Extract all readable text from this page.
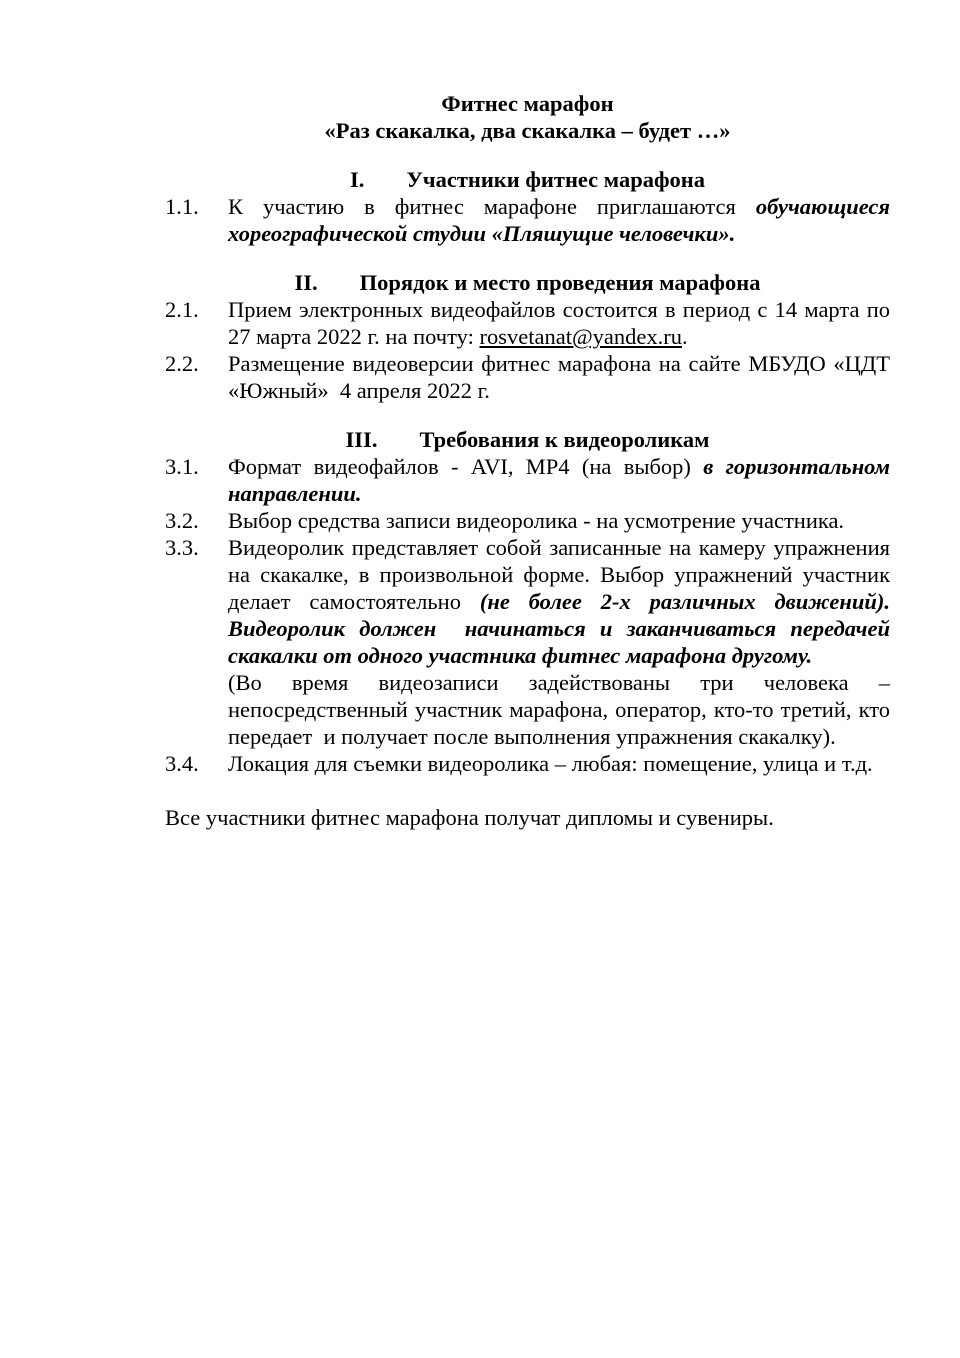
Фитнес марафон
«Раз скакалка, два скакалка – будет …»
I. Участники фитнес марафона
1.1. К участию в фитнес марафоне приглашаются обучающиеся
хореографической студии «Пляшущие человечки».
II. Порядок и место проведения марафона
2.1. Прием электронных видеофайлов состоится в период с 14 марта по
27 марта 2022 г. на почту: rosvetanat@yandex.ru.
2.2. Размещение видеоверсии фитнес марафона на сайте МБУДО «ЦДТ
«Южный»  4 апреля 2022 г.
III. Требования к видеороликам
3.1. Формат видеофайлов - AVI, MP4 (на выбор) в горизонтальном
направлении.
3.2. Выбор средства записи видеоролика - на усмотрение участника.
3.3. Видеоролик представляет собой записанные на камеру упражнения
на скакалке, в произвольной форме. Выбор упражнений участник
делает самостоятельно (не более 2-х различных движений).
Видеоролик должен  начинаться и заканчиваться передачей
скакалки от одного участника фитнес марафона другому.
(Во время видеозаписи задействованы три человека –
непосредственный участник марафона, оператор, кто-то третий, кто
передает  и получает после выполнения упражнения скакалку).
3.4. Локация для съемки видеоролика – любая: помещение, улица и т.д.
Все участники фитнес марафона получат дипломы и сувениры.
